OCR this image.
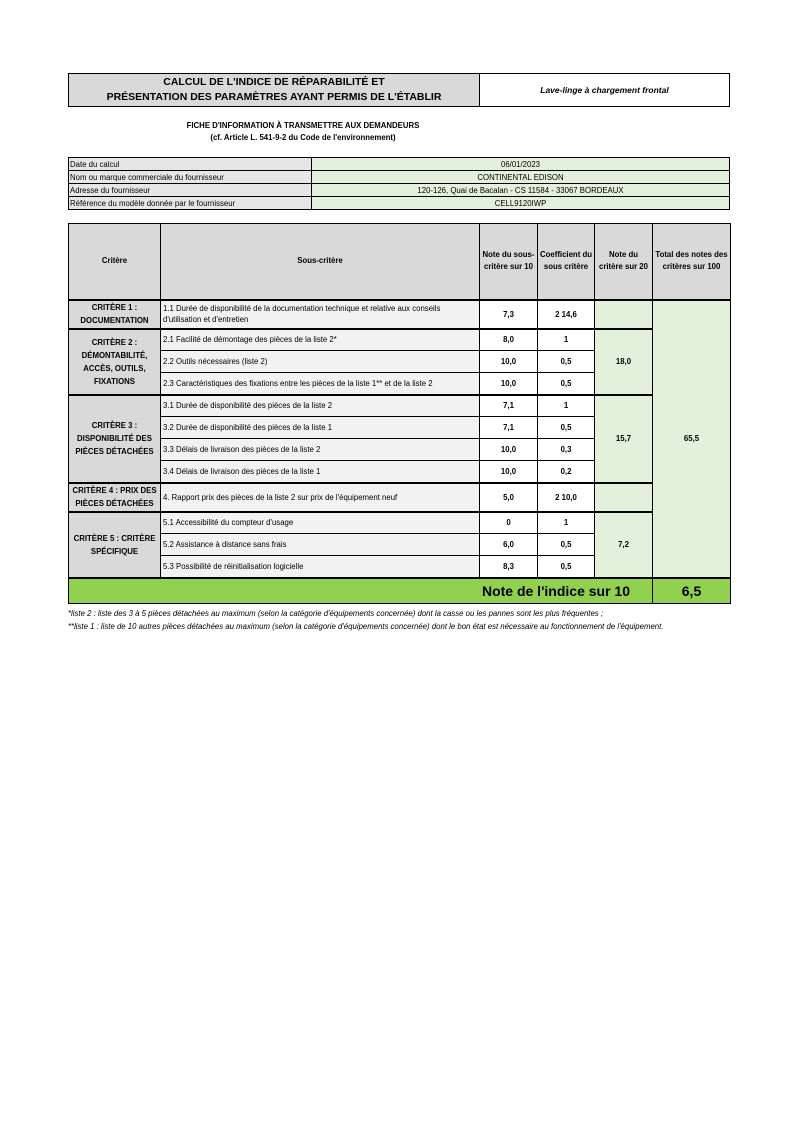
CALCUL DE L'INDICE DE RÉPARABILITÉ ET
PRÉSENTATION DES PARAMÈTRES AYANT PERMIS DE L'ÉTABLIR
Lave-linge à chargement frontal
FICHE D'INFORMATION À TRANSMETTRE AUX DEMANDEURS
(cf. Article L. 541-9-2 du Code de l'environnement)
Date du calcul	06/01/2023
Nom ou marque commerciale du fournisseur	CONTINENTAL EDISON
Adresse du fournisseur	120-126, Quai de Bacalan - CS 11584 - 33067 BORDEAUX
Référence du modèle donnée par le fournisseur	CELL9120IWP
Critère	Sous-critère	Note du sous-critère sur 10	Coefficient du sous critère	Note du critère sur 20	Total des notes des critères sur 100
CRITÈRE 1 : DOCUMENTATION	1.1 Durée de disponibilité de la documentation technique et relative aux conseils d'utilisation et d'entretien	7,3	2 14,6		65,5
CRITÈRE 2 : DÉMONTABILITÉ, ACCÈS, OUTILS, FIXATIONS	2.1 Facilité de démontage des pièces de la liste 2*	8,0	1	18,0	
	2.2 Outils nécessaires (liste 2)	10,0	0,5		
	2.3 Caractéristiques des fixations entre les pièces de la liste 1** et de la liste 2	10,0	0,5		
CRITÈRE 3 : DISPONIBILITÉ DES PIÈCES DÉTACHÉES	3.1 Durée de disponibilité des pièces de la liste 2	7,1	1	15,7	
	3.2 Durée de disponibilité des pièces de la liste 1	7,1	0,5		
	3.3 Délais de livraison des pièces de la liste 2	10,0	0,3		
	3.4 Délais de livraison des pièces de la liste 1	10,0	0,2		
CRITÈRE 4 : PRIX DES PIÈCES DÉTACHÉES	4. Rapport prix des pièces de la liste 2 sur prix de l'équipement neuf	5,0	2 10,0		
CRITÈRE 5 : CRITÈRE SPÉCIFIQUE	5.1 Accessibilité du compteur d'usage	0	1	7,2	
	5.2 Assistance à distance sans frais	6,0	0,5		
	5.3 Possibilité de réinitialisation logicielle	8,3	0,5		
Note de l'indice sur 10					6,5
*liste 2 : liste des 3 à 5 pièces détachées au maximum (selon la catégorie d'équipements concernée) dont la casse ou les pannes sont les plus fréquentes ;
**liste 1 : liste de 10 autres pièces détachées au maximum (selon la catégorie d'équipements concernée) dont le bon état est nécessaire au fonctionnement de l'équipement.
